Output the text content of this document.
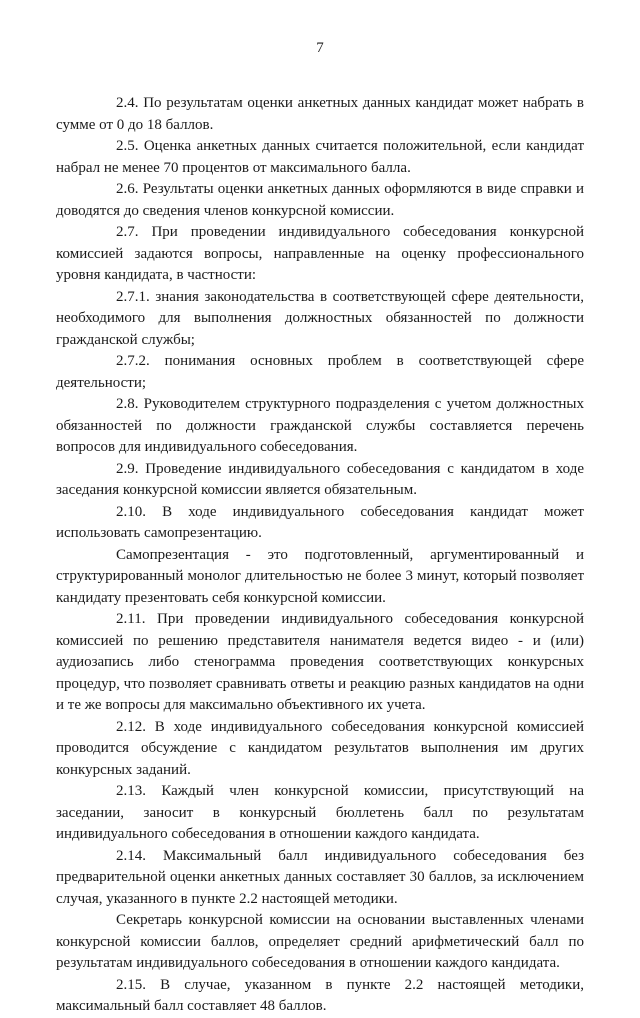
7

2.4. По результатам оценки анкетных данных кандидат может набрать в сумме от 0 до 18 баллов.

2.5. Оценка анкетных данных считается положительной, если кандидат набрал не менее 70 процентов от максимального балла.

2.6. Результаты оценки анкетных данных оформляются в виде справки и доводятся до сведения членов конкурсной комиссии.

2.7. При проведении индивидуального собеседования конкурсной комиссией задаются вопросы, направленные на оценку профессионального уровня кандидата, в частности:

2.7.1. знания законодательства в соответствующей сфере деятельности, необходимого для выполнения должностных обязанностей по должности гражданской службы;

2.7.2. понимания основных проблем в соответствующей сфере деятельности;

2.8. Руководителем структурного подразделения с учетом должностных обязанностей по должности гражданской службы составляется перечень вопросов для индивидуального собеседования.

2.9. Проведение индивидуального собеседования с кандидатом в ходе заседания конкурсной комиссии является обязательным.

2.10. В ходе индивидуального собеседования кандидат может использовать самопрезентацию.

Самопрезентация - это подготовленный, аргументированный и структурированный монолог длительностью не более 3 минут, который позволяет кандидату презентовать себя конкурсной комиссии.

2.11. При проведении индивидуального собеседования конкурсной комиссией по решению представителя нанимателя ведется видео - и (или) аудиозапись либо стенограмма проведения соответствующих конкурсных процедур, что позволяет сравнивать ответы и реакцию разных кандидатов на одни и те же вопросы для максимально объективного их учета.

2.12. В ходе индивидуального собеседования конкурсной комиссией проводится обсуждение с кандидатом результатов выполнения им других конкурсных заданий.

2.13. Каждый член конкурсной комиссии, присутствующий на заседании, заносит в конкурсный бюллетень балл по результатам индивидуального собеседования в отношении каждого кандидата.

2.14. Максимальный балл индивидуального собеседования без предварительной оценки анкетных данных составляет 30 баллов, за исключением случая, указанного в пункте 2.2 настоящей методики.

Секретарь конкурсной комиссии на основании выставленных членами конкурсной комиссии баллов, определяет средний арифметический балл по результатам индивидуального собеседования в отношении каждого кандидата.

2.15. В случае, указанном в пункте 2.2 настоящей методики, максимальный балл составляет 48 баллов.
